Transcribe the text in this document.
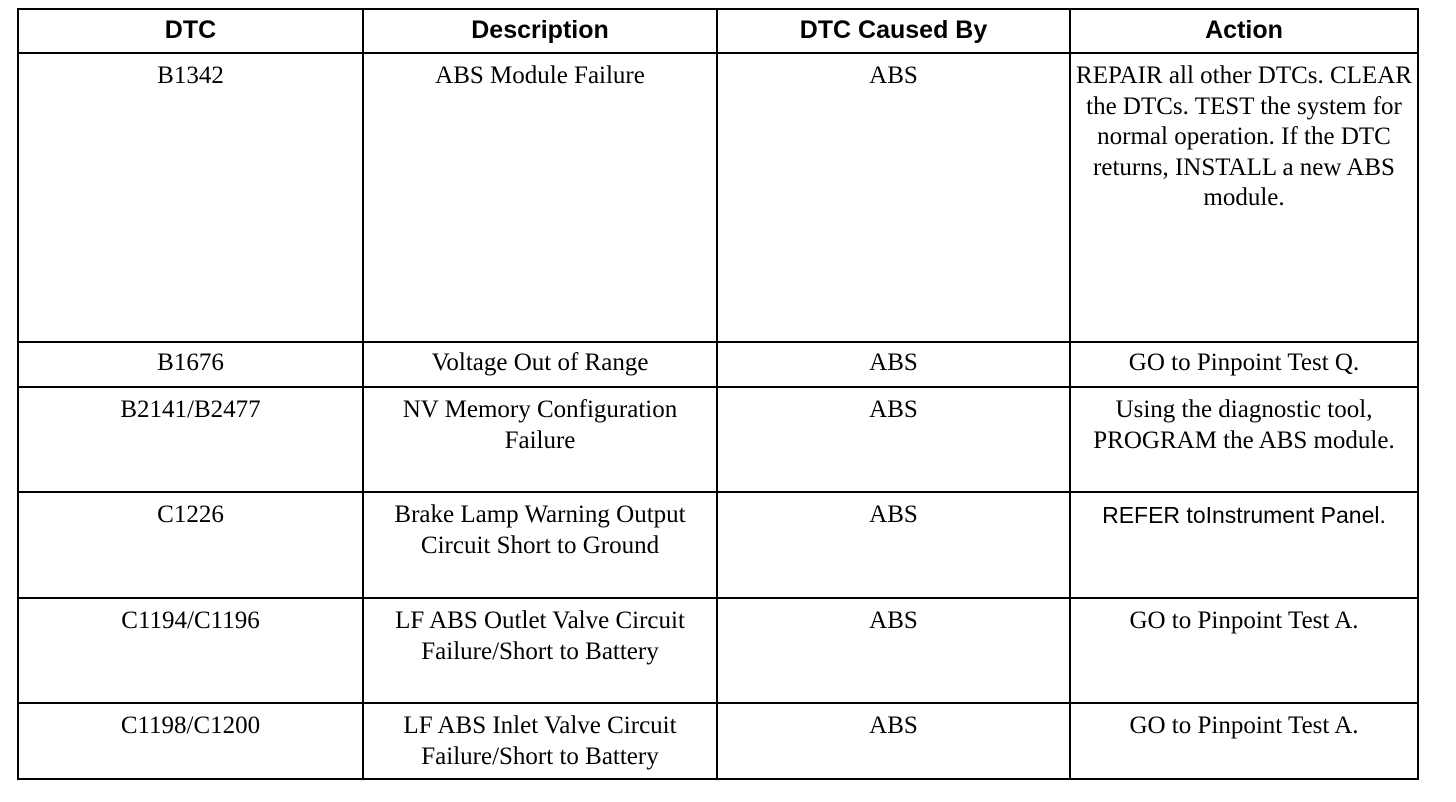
DTC	Description	DTC Caused By	Action
B1342	ABS Module Failure	ABS	REPAIR all other DTCs. CLEAR the DTCs. TEST the system for normal operation. If the DTC returns, INSTALL a new ABS module.
B1676	Voltage Out of Range	ABS	GO to Pinpoint Test Q.
B2141/B2477	NV Memory Configuration Failure	ABS	Using the diagnostic tool, PROGRAM the ABS module.
C1226	Brake Lamp Warning Output Circuit Short to Ground	ABS	REFER toInstrument Panel.
C1194/C1196	LF ABS Outlet Valve Circuit Failure/Short to Battery	ABS	GO to Pinpoint Test A.
C1198/C1200	LF ABS Inlet Valve Circuit Failure/Short to Battery	ABS	GO to Pinpoint Test A.
